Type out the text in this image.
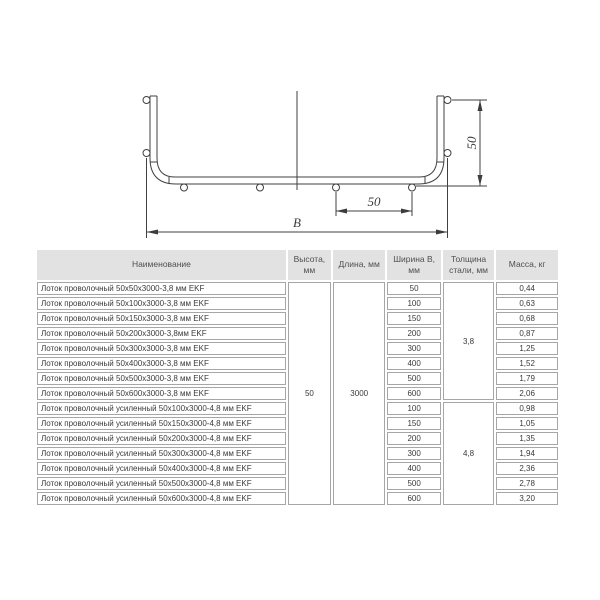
50
50
B
Наименование	Высота, мм	Длина, мм	Ширина B, мм	Толщина стали, мм	Масса, кг
Лоток проволочный 50х50х3000-3,8 мм EKF	50	3000	50	3,8	0,44
Лоток проволочный 50х100х3000-3,8 мм EKF			100		0,63
Лоток проволочный 50х150х3000-3,8 мм EKF			150		0,68
Лоток проволочный 50х200х3000-3,8мм EKF			200		0,87
Лоток проволочный 50х300х3000-3,8 мм EKF			300		1,25
Лоток проволочный 50х400х3000-3,8 мм EKF			400		1,52
Лоток проволочный 50х500х3000-3,8 мм EKF			500		1,79
Лоток проволочный 50х600х3000-3,8 мм EKF			600		2,06
Лоток проволочный усиленный 50х100х3000-4,8 мм EKF			100	4,8	0,98
Лоток проволочный усиленный 50х150х3000-4,8 мм EKF			150		1,05
Лоток проволочный усиленный 50х200х3000-4,8 мм EKF			200		1,35
Лоток проволочный усиленный 50х300х3000-4,8 мм EKF			300		1,94
Лоток проволочный усиленный 50х400х3000-4,8 мм EKF			400		2,36
Лоток проволочный усиленный 50х500х3000-4,8 мм EKF			500		2,78
Лоток проволочный усиленный 50х600х3000-4,8 мм EKF			600		3,20
